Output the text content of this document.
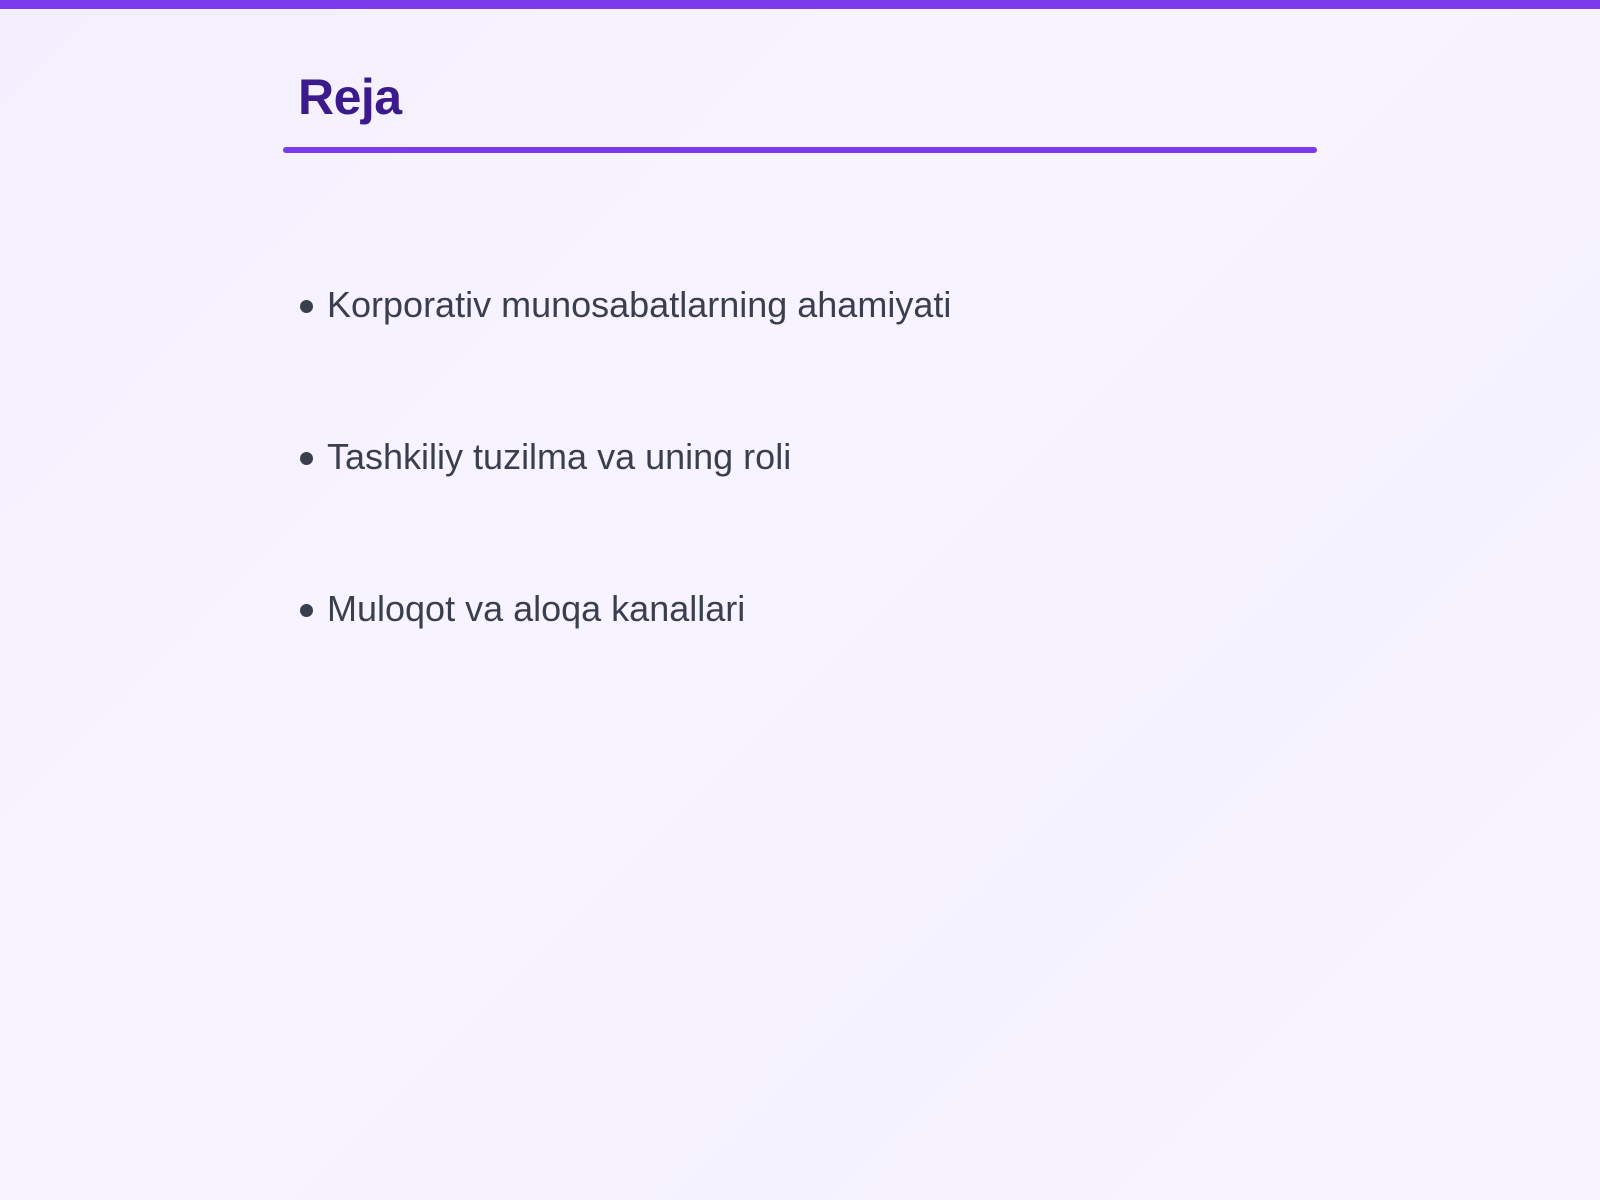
Reja
Korporativ munosabatlarning ahamiyati
Tashkiliy tuzilma va uning roli
Muloqot va aloqa kanallari
